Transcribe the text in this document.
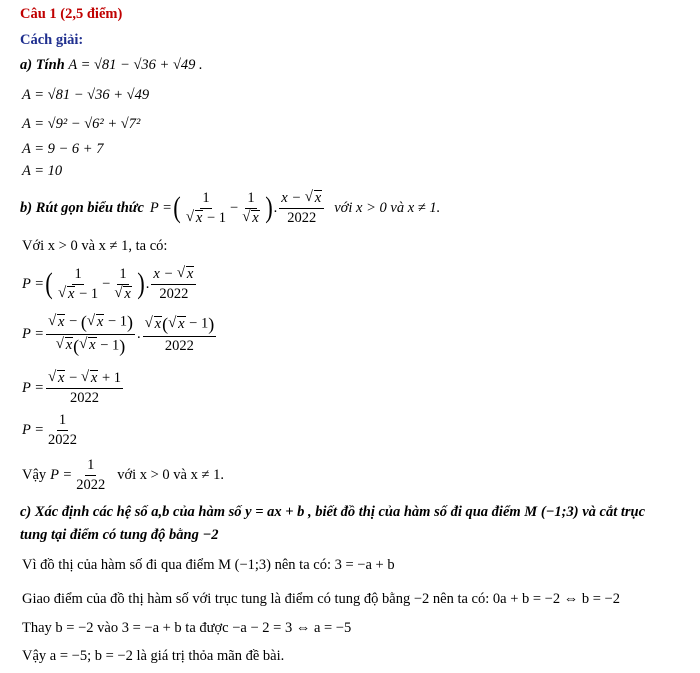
Câu 1 (2,5 điểm)
Cách giải:
a) Tính A = √81 − √36 + √49 .
A = √81 − √36 + √49
A = √9² − √6² + √7²
A = 9 − 6 + 7
A = 10
b) Rút gọn biểu thức P = ( 1
√ x − 1 − 1
√ x ) . $\frac{x - √ x}{2022}$ với x > 0 và x ≠ 1.
Với x > 0 và x ≠ 1, ta có:
P = ( 1
√ x − 1 − 1
√ x ) . $\frac{x - √ x}{2022}$
P = √ x − ( √ x − 1)
√ x( √ x − 1) . √ $\frac{x( √ x - 1)}{2022}$
P = √ $\frac{x - √ x + 1}{2022}$
$P = \frac{1}{2022}$
Vậy $P = \frac{1}{2022}$ với x > 0 và x ≠ 1.
c) Xác định các hệ số a,b của hàm số y = ax + b , biết đồ thị của hàm số đi qua điểm M (−1;3) và cắt trục
tung tại điểm có tung độ bằng −2
Vì đồ thị của hàm số đi qua điểm M (−1;3) nên ta có: 3 = −a + b
Giao điểm của đồ thị hàm số với trục tung là điểm có tung độ bằng −2 nên ta có: 0a + b = −2 ⇔ b = −2
Thay b = −2 vào 3 = −a + b ta được −a − 2 = 3 ⇔ a = −5
Vậy a = −5; b = −2 là giá trị thỏa mãn đề bài.
